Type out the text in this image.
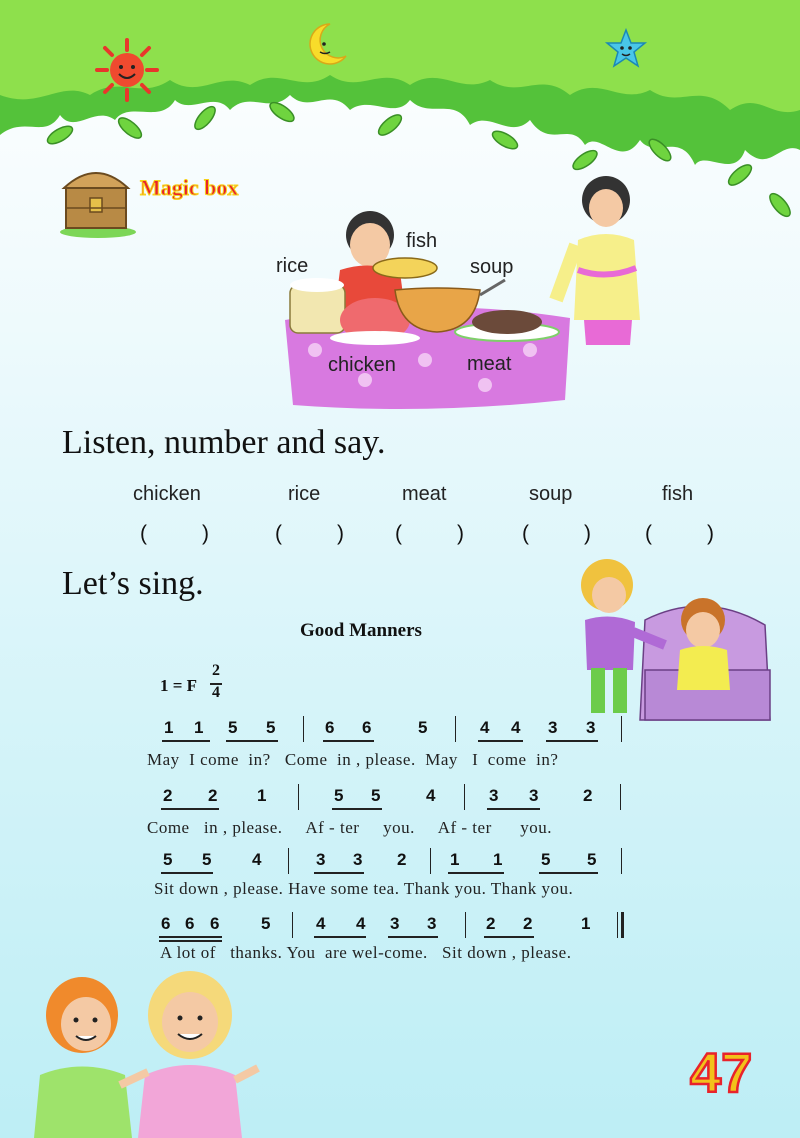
Magic box
rice
fish
soup
chicken	meat
Listen, number and say.
chicken	rice	meat	soup	fish
(	)	(	) (	)	(	)	(	)
Let’s sing.
Good Manners
1 = F
2
4
1 1 5 5	6 6	5	4 4 3 3
May  I come  in?   Come  in , please.  May   I  come  in?
2 2 1	5 5	4	3 3	2
Come   in , please.     Af - ter     you.     Af - ter      you.
5 5 4	3 3 2	1 1 5 5
Sit down , please. Have some tea. Thank you. Thank you.
6 6 6 5	4 4 3 3	2 2	1
A lot of   thanks. You  are wel-come.   Sit down , please.
47
